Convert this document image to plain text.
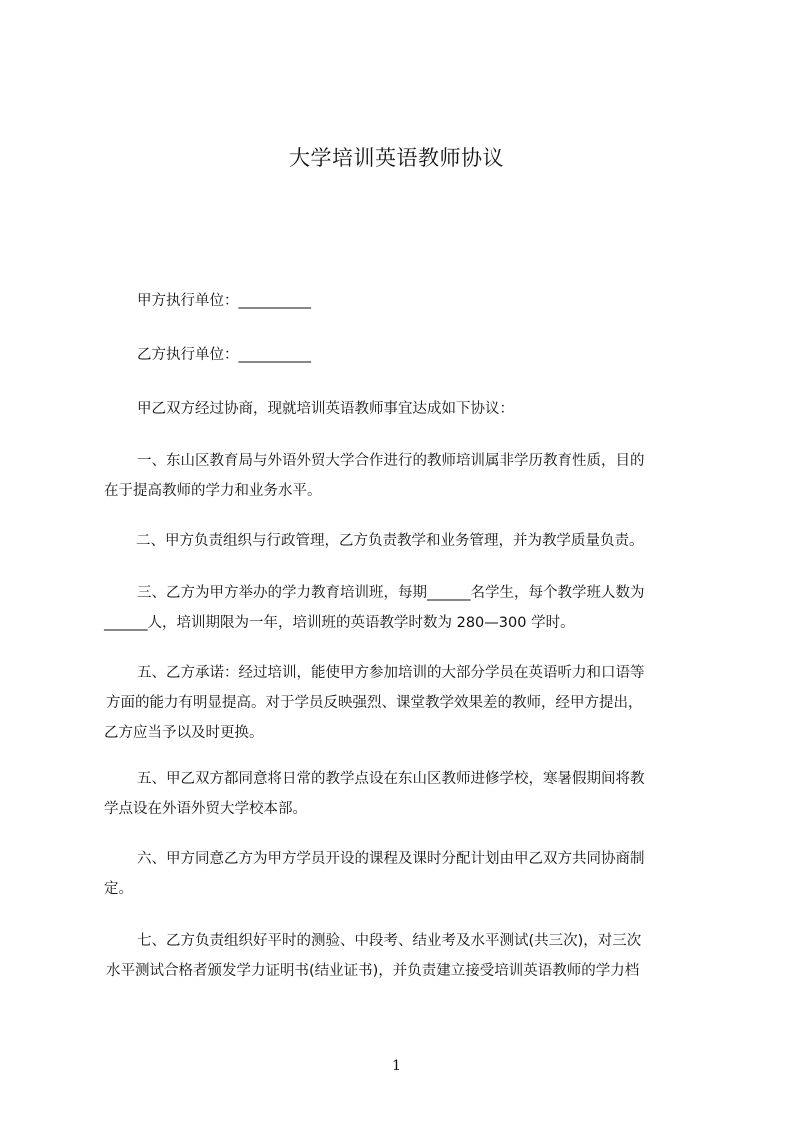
大学培训英语教师协议
甲方执行单位：__________
乙方执行单位：__________
甲乙双方经过协商，现就培训英语教师事宜达成如下协议：
一、东山区教育局与外语外贸大学合作进行的教师培训属非学历教育性质，目的
在于提高教师的学力和业务水平。
二、甲方负责组织与行政管理，乙方负责教学和业务管理，并为教学质量负责。
三、乙方为甲方举办的学力教育培训班，每期______名学生，每个教学班人数为
______人，培训期限为一年，培训班的英语教学时数为 280—300 学时。
五、乙方承诺：经过培训，能使甲方参加培训的大部分学员在英语听力和口语等
方面的能力有明显提高。对于学员反映强烈、课堂教学效果差的教师，经甲方提出，
乙方应当予以及时更换。
五、甲乙双方都同意将日常的教学点设在东山区教师进修学校，寒暑假期间将教
学点设在外语外贸大学校本部。
六、甲方同意乙方为甲方学员开设的课程及课时分配计划由甲乙双方共同协商制
定。
七、乙方负责组织好平时的测验、中段考、结业考及水平测试(共三次)，对三次
水平测试合格者颁发学力证明书(结业证书)，并负责建立接受培训英语教师的学力档
1
